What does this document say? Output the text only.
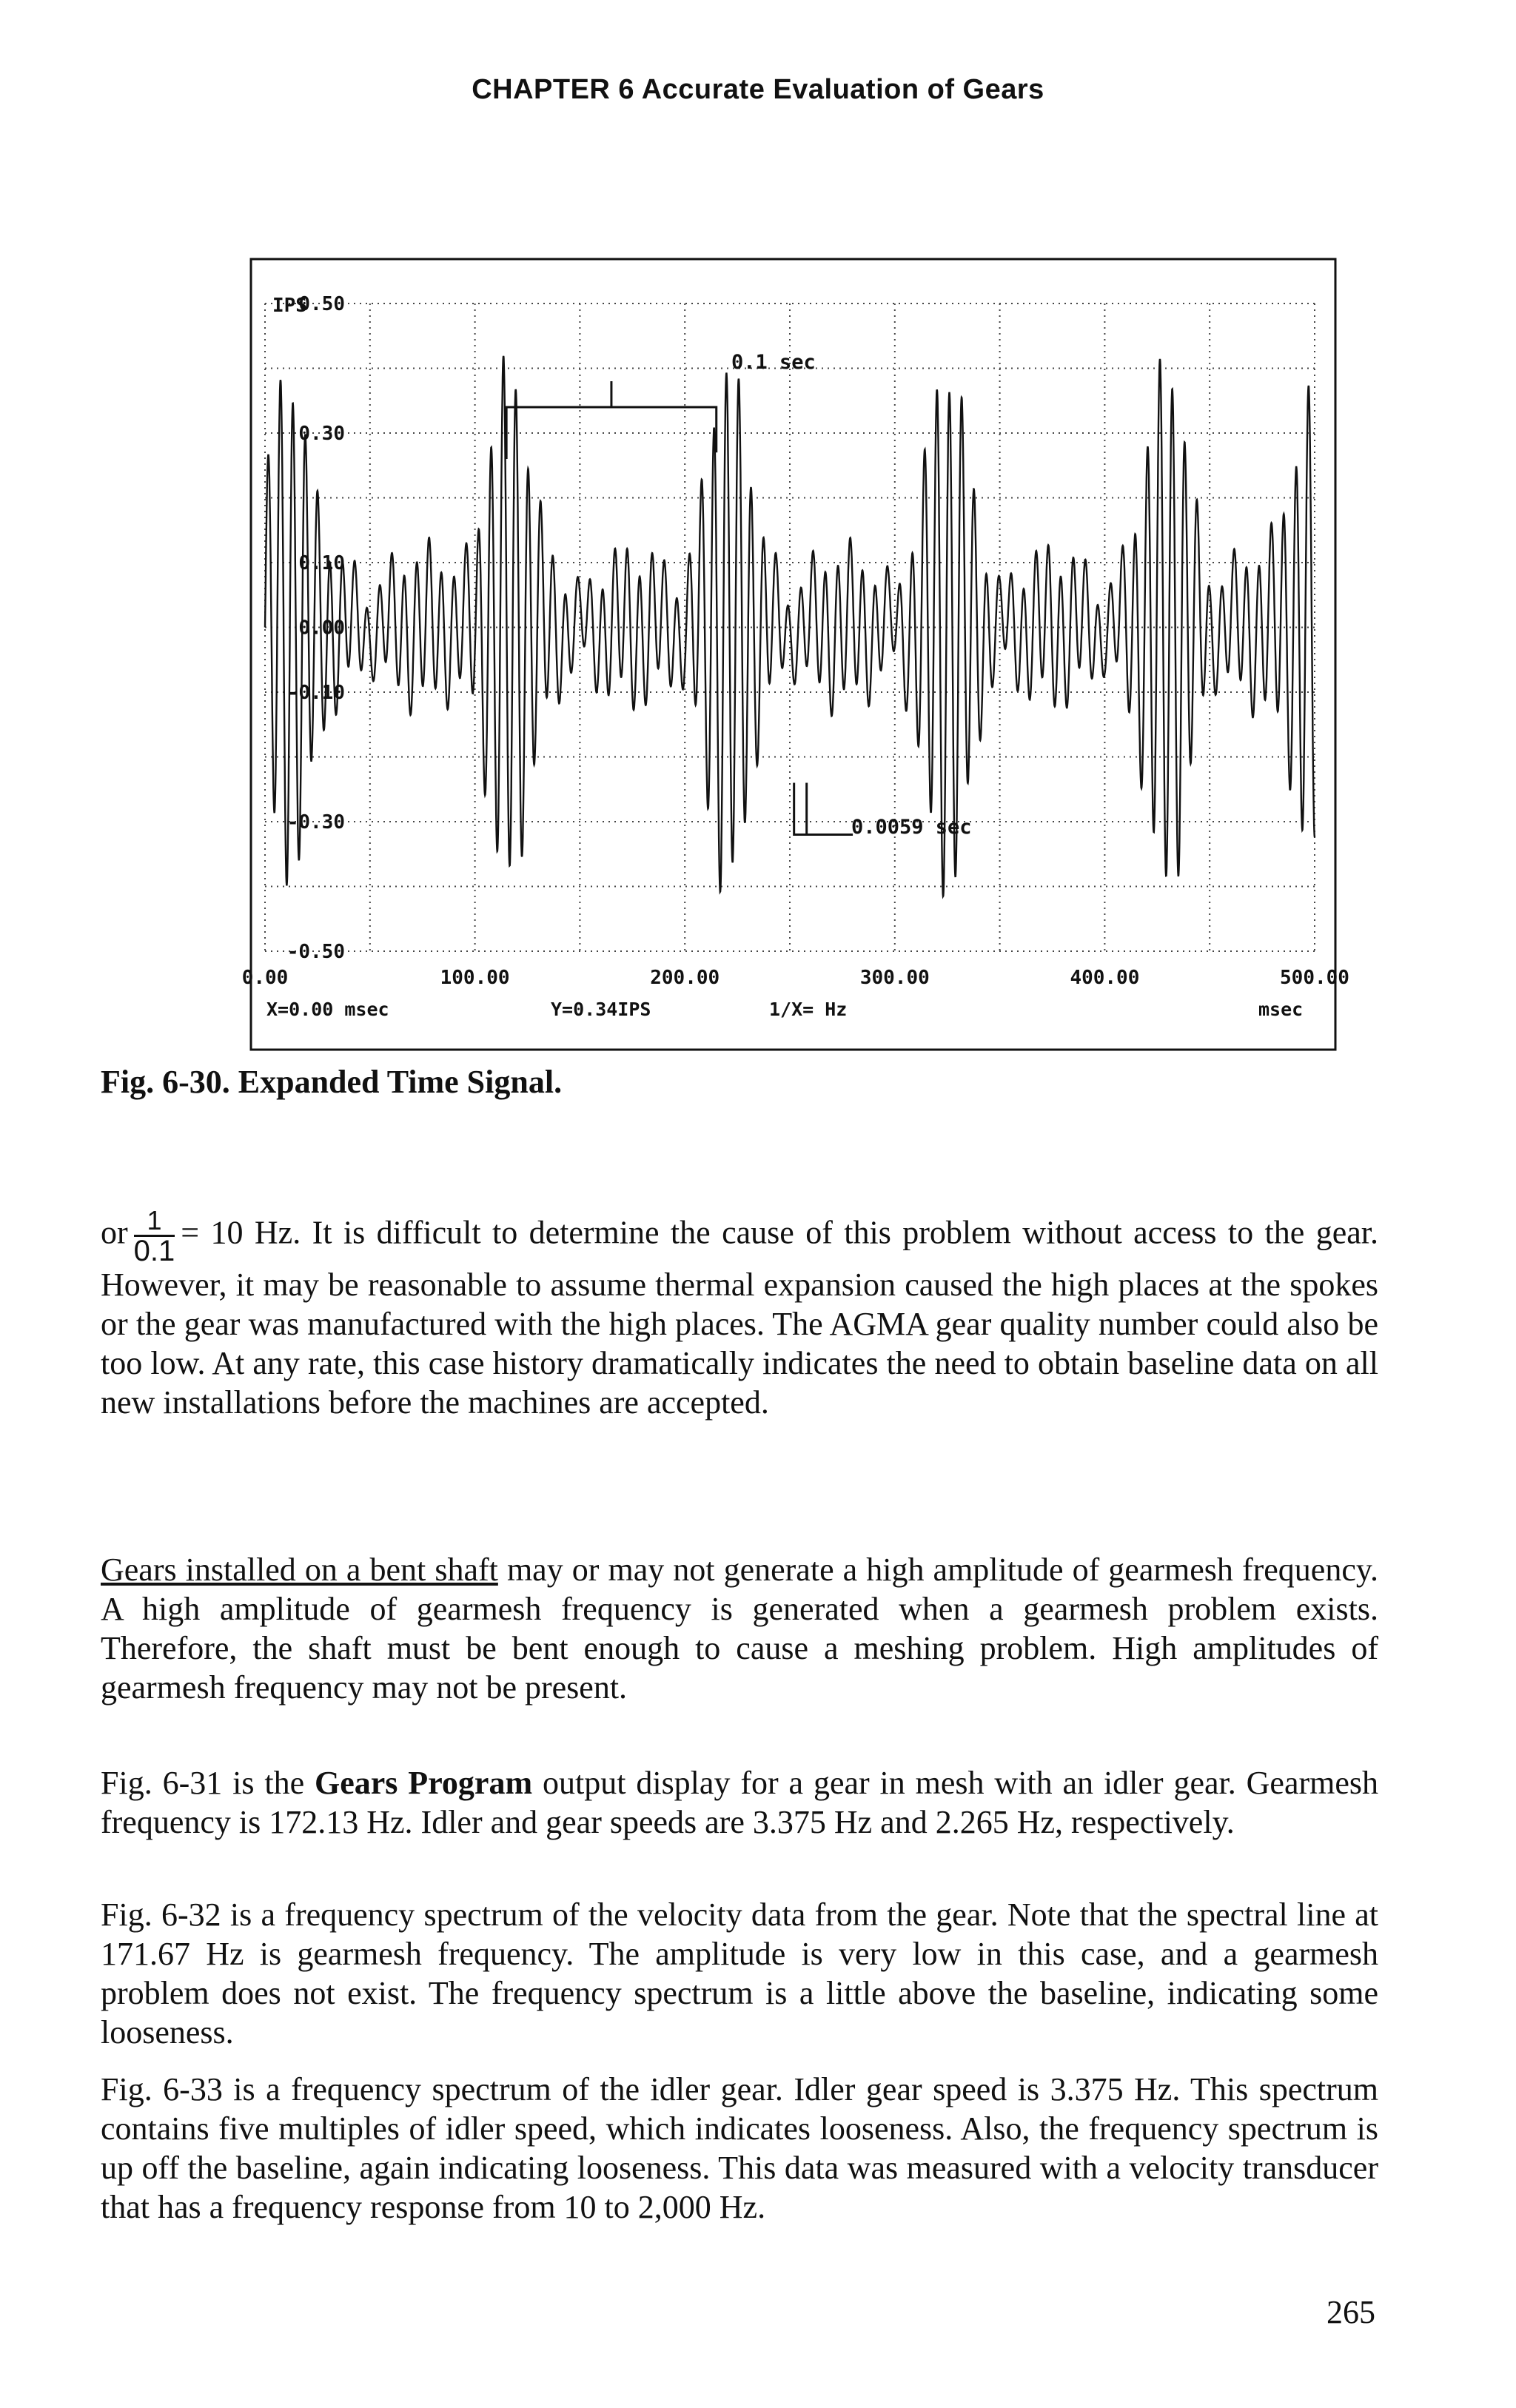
CHAPTER 6 Accurate Evaluation of Gears
IPS
0.50
0.30
0.10
0.00
-0.10
-0.30
-0.50
0.00	100.00	200.00	300.00	400.00	500.00
X=0.00 msec	Y=0.34IPS	1/X= Hz	msec
0.1 sec
0.0059 sec
Fig. 6-30. Expanded Time Signal.

or $\frac{1}{0.1} = 10$ Hz. It is difficult to determine the cause of this problem without access to the gear. However, it may be reasonable to assume thermal expansion caused the high places at the spokes or the gear was manufactured with the high places. The AGMA gear quality number could also be too low. At any rate, this case history dramatically indicates the need to obtain baseline data on all new installations before the machines are accepted.

Gears installed on a bent shaft may or may not generate a high amplitude of gearmesh frequency. A high amplitude of gearmesh frequency is generated when a gearmesh problem exists. Therefore, the shaft must be bent enough to cause a meshing problem. High amplitudes of gearmesh frequency may not be present.

Fig. 6-31 is the Gears Program output display for a gear in mesh with an idler gear. Gearmesh frequency is 172.13 Hz. Idler and gear speeds are 3.375 Hz and 2.265 Hz, respectively.

Fig. 6-32 is a frequency spectrum of the velocity data from the gear. Note that the spectral line at 171.67 Hz is gearmesh frequency. The amplitude is very low in this case, and a gearmesh problem does not exist. The frequency spectrum is a little above the baseline, indicating some looseness.

Fig. 6-33 is a frequency spectrum of the idler gear. Idler gear speed is 3.375 Hz. This spectrum contains five multiples of idler speed, which indicates looseness. Also, the frequency spectrum is up off the baseline, again indicating looseness. This data was measured with a velocity transducer that has a frequency response from 10 to 2,000 Hz.

265
